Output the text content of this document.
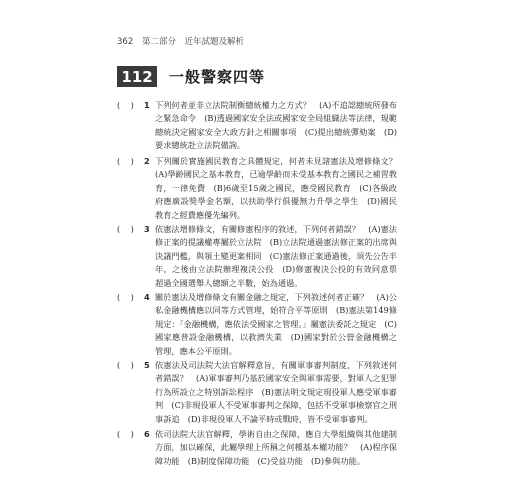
362 第二部分　近年試題及解析
112 一般警察四等
(    )	1 下列何者並非立法院制衡總統權力之方式？　(A)不追認總統所發布之緊急命令　(B)透過國家安全法或國家安全局組織法等法律，規範總統決定國家安全大政方針之相關事項　(C)提出總統彈劾案　(D)要求總統赴立法院備詢。
(    )	2 下列關於實施國民教育之具體規定，何者未見諸憲法及增修條文？　(A)學齡國民之基本教育，已逾學齡而未受基本教育之國民之補習教育，一律免費　(B)6歲至15歲之國民，應受國民教育　(C)各級政府應廣設獎學金名額，以扶助學行俱優無力升學之學生　(D)國民教育之經費應優先編列。
(    )	3 依憲法增修條文，有關修憲程序的敘述，下列何者錯誤？　(A)憲法修正案的提議權專屬於立法院　(B)立法院通過憲法修正案的出席與決議門檻，與領土變更案相同　(C)憲法修正案通過後，須先公告半年，之後由立法院辦理複決公投　(D)修憲複決公投的有效同意票超過全國選舉人總額之半數，始為通過。
(    )	4 關於憲法及增修條文有關金融之規定，下列敘述何者正確？　(A)公私金融機構應以同等方式管理，始符合平等原則　(B)憲法第149條規定：「金融機構，應依法受國家之管理。」屬憲法委託之規定　(C)國家應普設金融機構，以救濟失業　(D)國家對於公營金融機構之管理，應本公平原則。
(    )	5 依憲法及司法院大法官解釋意旨，有關軍事審判制度，下列敘述何者錯誤？　(A)軍事審判乃基於國家安全與軍事需要，對軍人之犯罪行為所設立之特別訴訟程序　(B)憲法明文規定現役軍人應受軍事審判　(C)非現役軍人不受軍事審判之保障，包括不受軍事檢察官之刑事訴追　(D)非現役軍人不論平時或戰時，皆不受軍事審判。
(    )	6 依司法院大法官解釋，學術自由之保障，應自大學組織與其他建制方面，加以確保，此屬學理上所稱之何種基本權功能？　(A)程序保障功能　(B)制度保障功能　(C)受益功能　(D)參與功能。
